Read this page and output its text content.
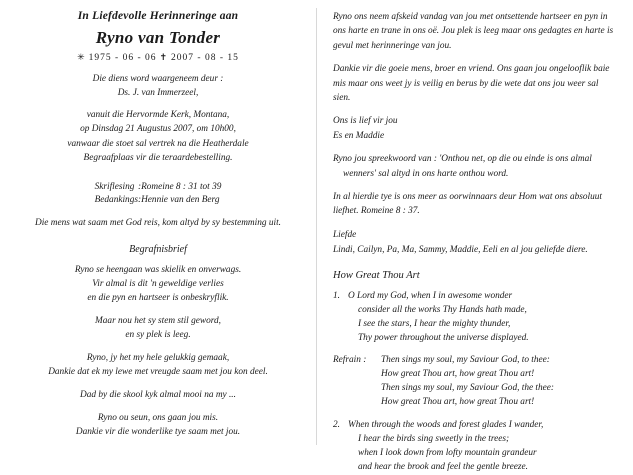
In Liefdevolle Herinneringe aan
Ryno van Tonder
✳ 1975 - 06 - 06 ✝ 2007 - 08 - 15
Die diens word waargeneem deur :
Ds. J. van Immerzeel,
vanuit die Hervormde Kerk, Montana,
op Dinsdag 21 Augustus 2007, om 10h00,
vanwaar die stoet sal vertrek na die Heatherdale
Begraafplaas vir die teraardebestelling.
Skriflesing	:	Romeine 8 : 31 tot 39
Bedankings	:	Hennie van den Berg
Die mens wat saam met God reis, kom altyd by sy bestemming uit.
Begrafnisbrief
Ryno se heengaan was skielik en onverwags.
Vir almal is dit 'n geweldige verlies
en die pyn en hartseer is onbeskryflik.
Maar nou het sy stem stil geword,
en sy plek is leeg.
Ryno, jy het my hele gelukkig gemaak,
Dankie dat ek my lewe met vreugde saam met jou kon deel.
Dad by die skool kyk almal mooi na my ...
Ryno ou seun, ons gaan jou mis.
Dankie vir die wonderlike tye saam met jou.
Ryno ons neem afskeid vandag van jou met ontsettende hartseer en pyn in
ons harte en trane in ons oë. Jou plek is leeg maar ons gedagtes en harte is
gevul met herinneringe van jou.
Dankie vir die goeie mens, broer en vriend. Ons gaan jou ongelooflik baie
mis maar ons weet jy is veilig en berus by die wete dat ons jou weer sal
sien.
Ons is lief vir jou
Es en Maddie
Ryno jou spreekwoord van : 'Onthou net, op die ou einde is ons almal
wenners' sal altyd in ons harte onthou word.
In al hierdie tye is ons meer as oorwinnaars deur Hom wat ons absoluut
liefhet. Romeine 8 : 37.
Liefde
Lindi, Cailyn, Pa, Ma, Sammy, Maddie, Eeli en al jou geliefde diere.
How Great Thou Art
1. O Lord my God, when I in awesome wonder
consider all the works Thy Hands hath made,
I see the stars, I hear the mighty thunder,
Thy power throughout the universe displayed.
Refrain :	Then sings my soul, my Saviour God, to thee:
How great Thou art, how great Thou art!
Then sings my soul, my Saviour God, the thee:
How great Thou art, how great Thou art!
2. When through the woods and forest glades I wander,
I hear the birds sing sweetly in the trees;
when I look down from lofty mountain grandeur
and hear the brook and feel the gentle breeze.
